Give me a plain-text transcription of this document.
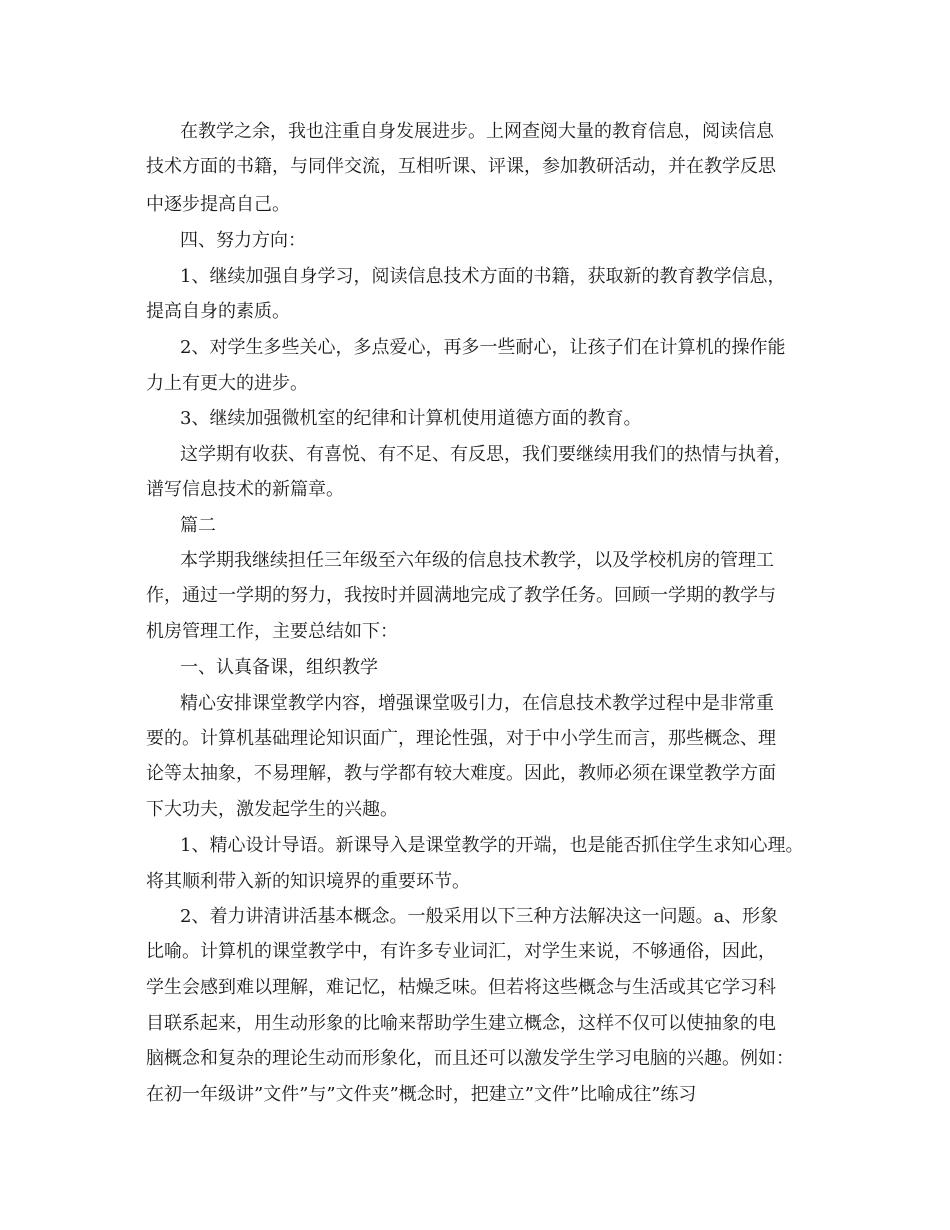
在教学之余，我也注重自身发展进步。上网查阅大量的教育信息，阅读信息
技术方面的书籍，与同伴交流，互相听课、评课，参加教研活动，并在教学反思
中逐步提高自己。
四、努力方向：
1、继续加强自身学习，阅读信息技术方面的书籍，获取新的教育教学信息，
提高自身的素质。
2、对学生多些关心，多点爱心，再多一些耐心，让孩子们在计算机的操作能
力上有更大的进步。
3、继续加强微机室的纪律和计算机使用道德方面的教育。
这学期有收获、有喜悦、有不足、有反思，我们要继续用我们的热情与执着，
谱写信息技术的新篇章。
篇二
本学期我继续担任三年级至六年级的信息技术教学，以及学校机房的管理工
作，通过一学期的努力，我按时并圆满地完成了教学任务。回顾一学期的教学与
机房管理工作，主要总结如下：
一、认真备课，组织教学
精心安排课堂教学内容，增强课堂吸引力，在信息技术教学过程中是非常重
要的。计算机基础理论知识面广，理论性强，对于中小学生而言，那些概念、理
论等太抽象，不易理解，教与学都有较大难度。因此，教师必须在课堂教学方面
下大功夫，激发起学生的兴趣。
1、精心设计导语。新课导入是课堂教学的开端，也是能否抓住学生求知心理。
将其顺利带入新的知识境界的重要环节。
2、着力讲清讲活基本概念。一般采用以下三种方法解决这一问题。a、形象
比喻。计算机的课堂教学中，有许多专业词汇，对学生来说，不够通俗，因此，
学生会感到难以理解，难记忆，枯燥乏味。但若将这些概念与生活或其它学习科
目联系起来，用生动形象的比喻来帮助学生建立概念，这样不仅可以使抽象的电
脑概念和复杂的理论生动而形象化，而且还可以激发学生学习电脑的兴趣。例如：
在初一年级讲”文件”与”文件夹”概念时，把建立”文件”比喻成往”练习
